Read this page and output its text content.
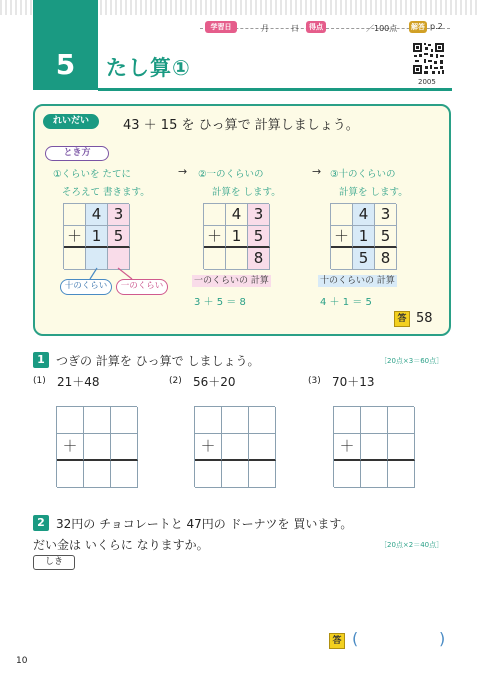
5	たし算①
学習日	月	日	得点	／100点 解答 p.2
2005
れいだい	43 ＋ 15 を ひっ算で 計算しましょう。
とき方
①くらいを たてに
そろえて 書きます。
→ ②一のくらいの
計算を します。
→ ③十のくらいの
計算を します。
4 3
＋ 1 5
十のくらい	一のくらい
4 3
＋ 1 5
8
一のくらいの 計算
3 ＋ 5 ＝ 8
4 3
＋ 1 5
5 8
十のくらいの 計算
4 ＋ 1 ＝ 5
答 58
1 つぎの 計算を ひっ算で しましょう。	［20点×3＝60点］
(1) 21＋48	(2) 56＋20	(3) 70＋13
＋	＋	＋
2 32円の チョコレートと 47円の ドーナツを 買います。
だい金は いくらに なりますか。	［20点×2＝40点］
しき
答 (	)
10
